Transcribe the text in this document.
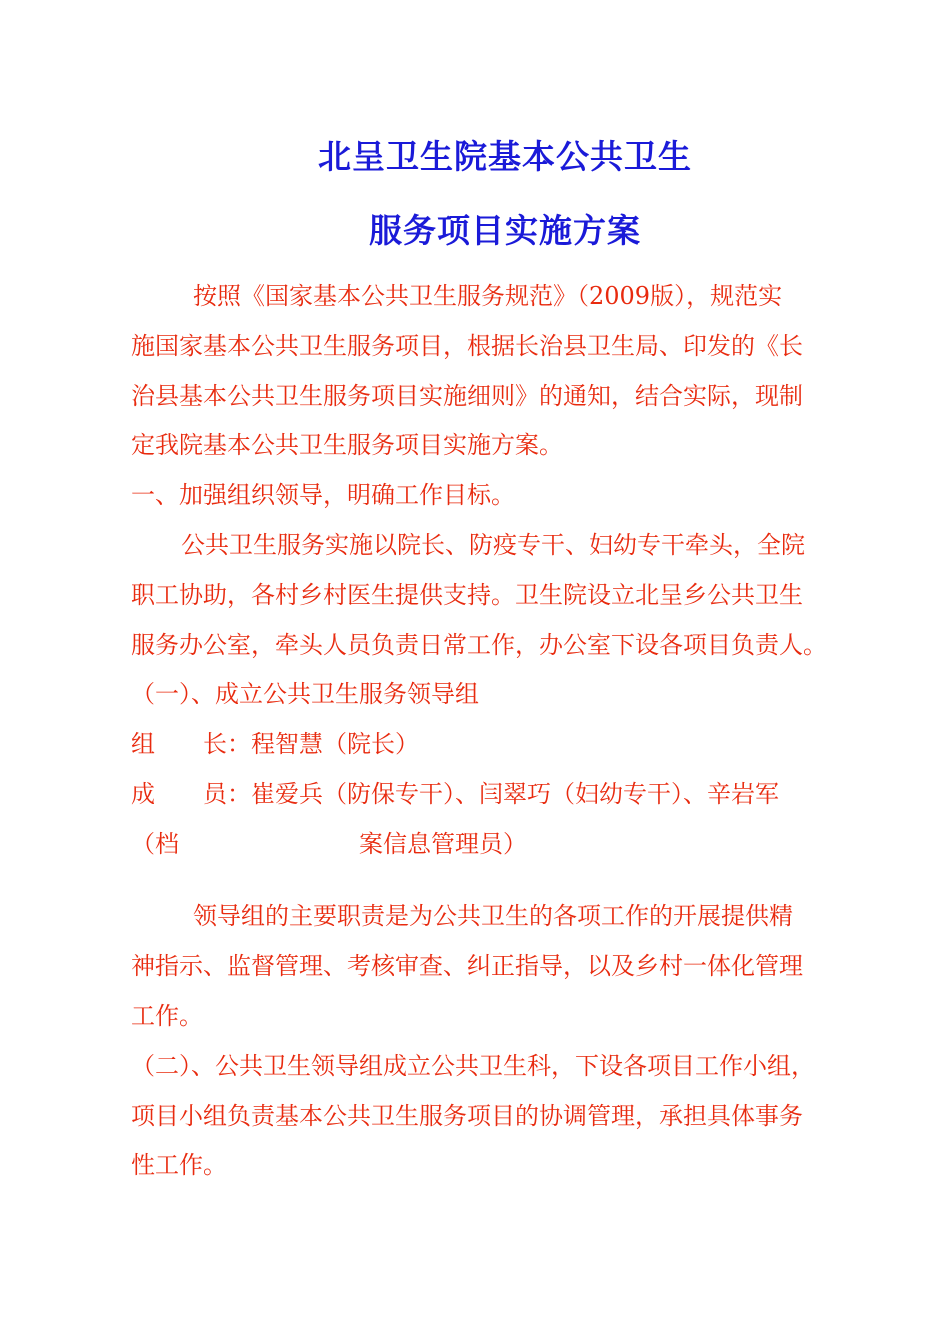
北呈卫生院基本公共卫生
服务项目实施方案
按照《国家基本公共卫生服务规范》（2009版），规范实
施国家基本公共卫生服务项目，根据长治县卫生局、印发的《长
治县基本公共卫生服务项目实施细则》的通知，结合实际，现制
定我院基本公共卫生服务项目实施方案。
一、加强组织领导，明确工作目标。
公共卫生服务实施以院长、防疫专干、妇幼专干牵头，全院
职工协助，各村乡村医生提供支持。卫生院设立北呈乡公共卫生
服务办公室，牵头人员负责日常工作，办公室下设各项目负责人。
（一）、成立公共卫生服务领导组
组　　长：程智慧（院长）
成　　员：崔爱兵（防保专干）、闫翠巧（妇幼专干）、辛岩军
（档	案信息管理员）
领导组的主要职责是为公共卫生的各项工作的开展提供精
神指示、监督管理、考核审查、纠正指导，以及乡村一体化管理
工作。
（二）、公共卫生领导组成立公共卫生科，下设各项目工作小组，
项目小组负责基本公共卫生服务项目的协调管理，承担具体事务
性工作。
